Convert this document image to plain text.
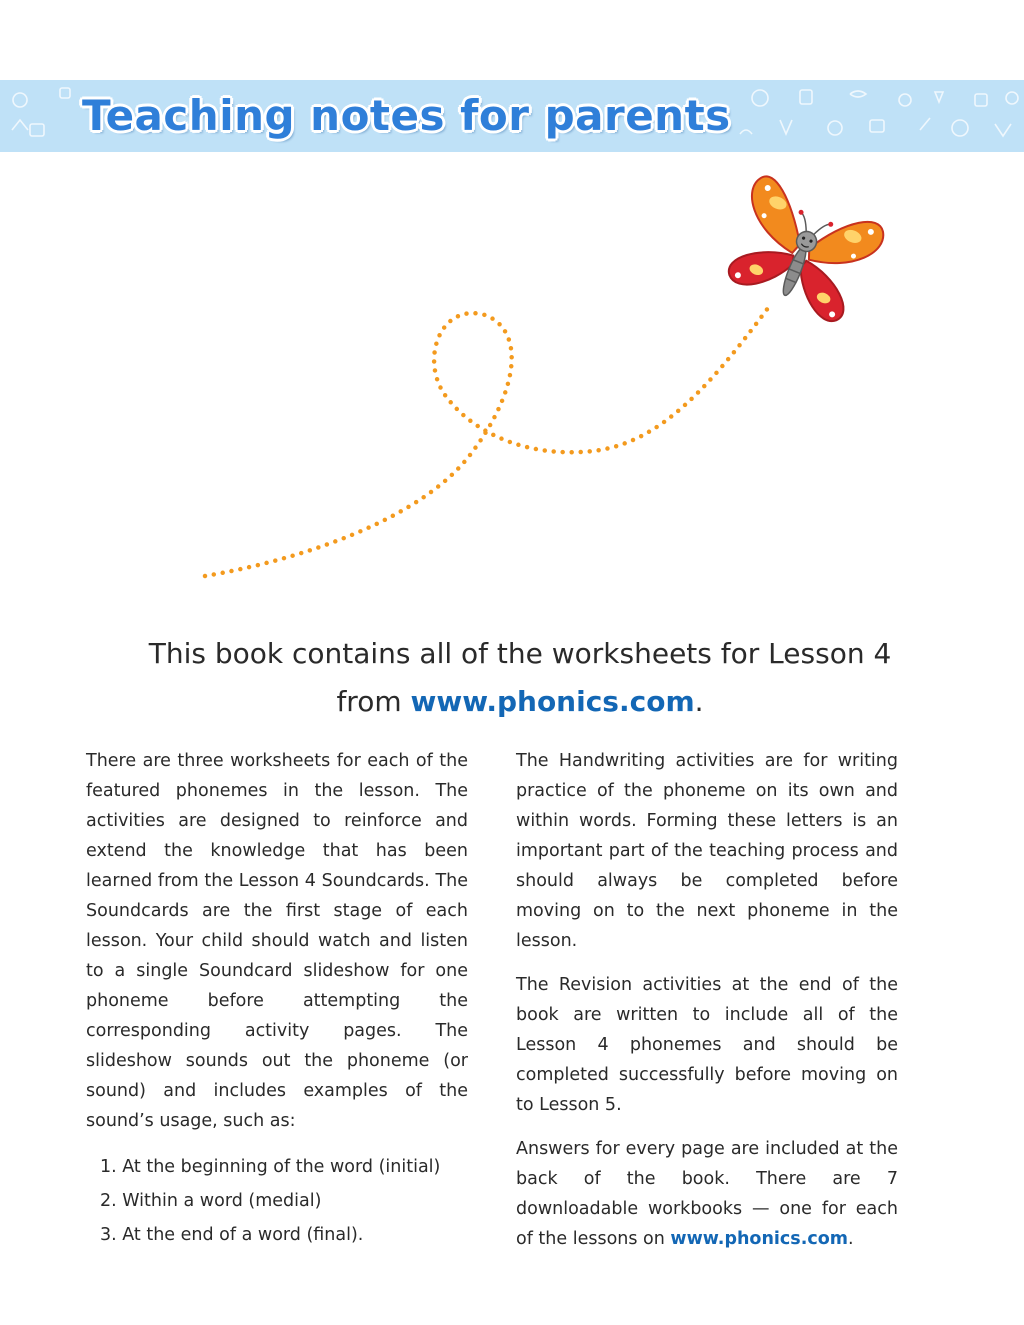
Teaching notes for parents
This book contains all of the worksheets for Lesson 4
from www.phonics.com.

There are three worksheets for each of the featured phonemes in the lesson. The activities are designed to reinforce and extend the knowledge that has been learned from the Lesson 4 Soundcards. The Soundcards are the first stage of each lesson. Your child should watch and listen to a single Soundcard slideshow for one phoneme before attempting the corresponding activity pages. The slideshow sounds out the phoneme (or sound) and includes examples of the sound’s usage, such as:

1. At the beginning of the word (initial)
2. Within a word (medial)
3. At the end of a word (final).

The Handwriting activities are for writing practice of the phoneme on its own and within words. Forming these letters is an important part of the teaching process and should always be completed before moving on to the next phoneme in the lesson.

The Revision activities at the end of the book are written to include all of the Lesson 4 phonemes and should be completed successfully before moving on to Lesson 5.

Answers for every page are included at the back of the book. There are 7 downloadable workbooks — one for each of the lessons on www.phonics.com.
